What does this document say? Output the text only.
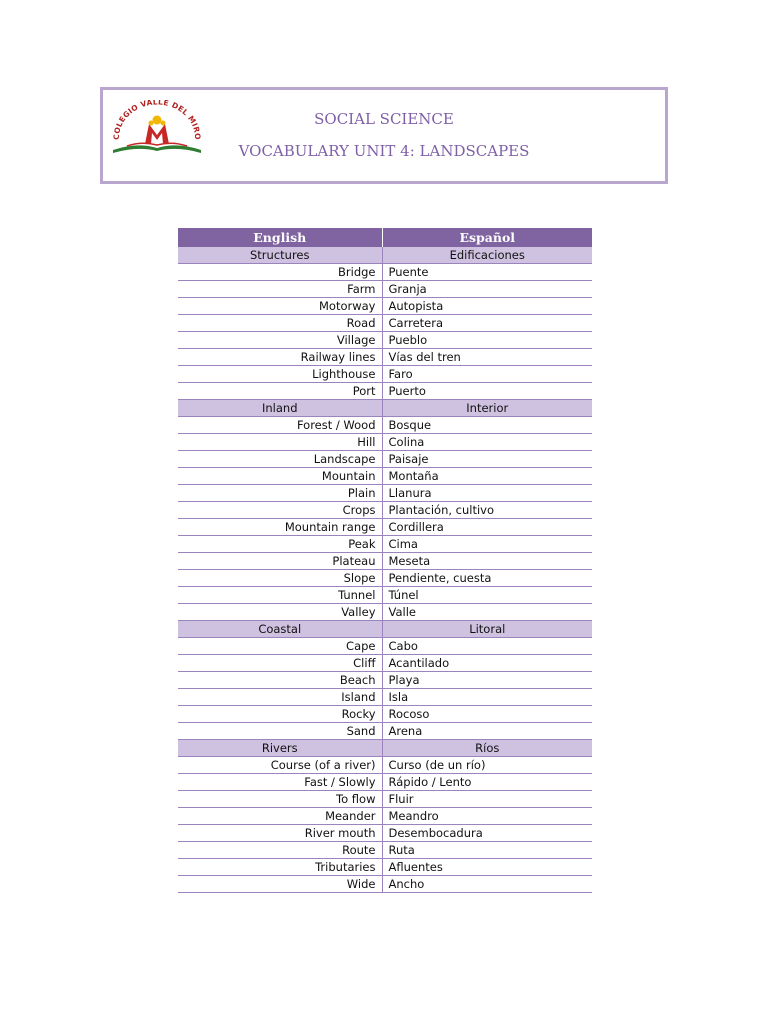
COLEGIO VALLE DEL MIRO
SOCIAL SCIENCE
VOCABULARY UNIT 4: LANDSCAPES
English	Español
Structures	Edificaciones
Bridge	Puente
Farm	Granja
Motorway	Autopista
Road	Carretera
Village	Pueblo
Railway lines	Vías del tren
Lighthouse	Faro
Port	Puerto
Inland	Interior
Forest / Wood	Bosque
Hill	Colina
Landscape	Paisaje
Mountain	Montaña
Plain	Llanura
Crops	Plantación, cultivo
Mountain range	Cordillera
Peak	Cima
Plateau	Meseta
Slope	Pendiente, cuesta
Tunnel	Túnel
Valley	Valle
Coastal	Litoral
Cape	Cabo
Cliff	Acantilado
Beach	Playa
Island	Isla
Rocky	Rocoso
Sand	Arena
Rivers	Ríos
Course (of a river)	Curso (de un río)
Fast / Slowly	Rápido / Lento
To flow	Fluir
Meander	Meandro
River mouth	Desembocadura
Route	Ruta
Tributaries	Afluentes
Wide	Ancho
